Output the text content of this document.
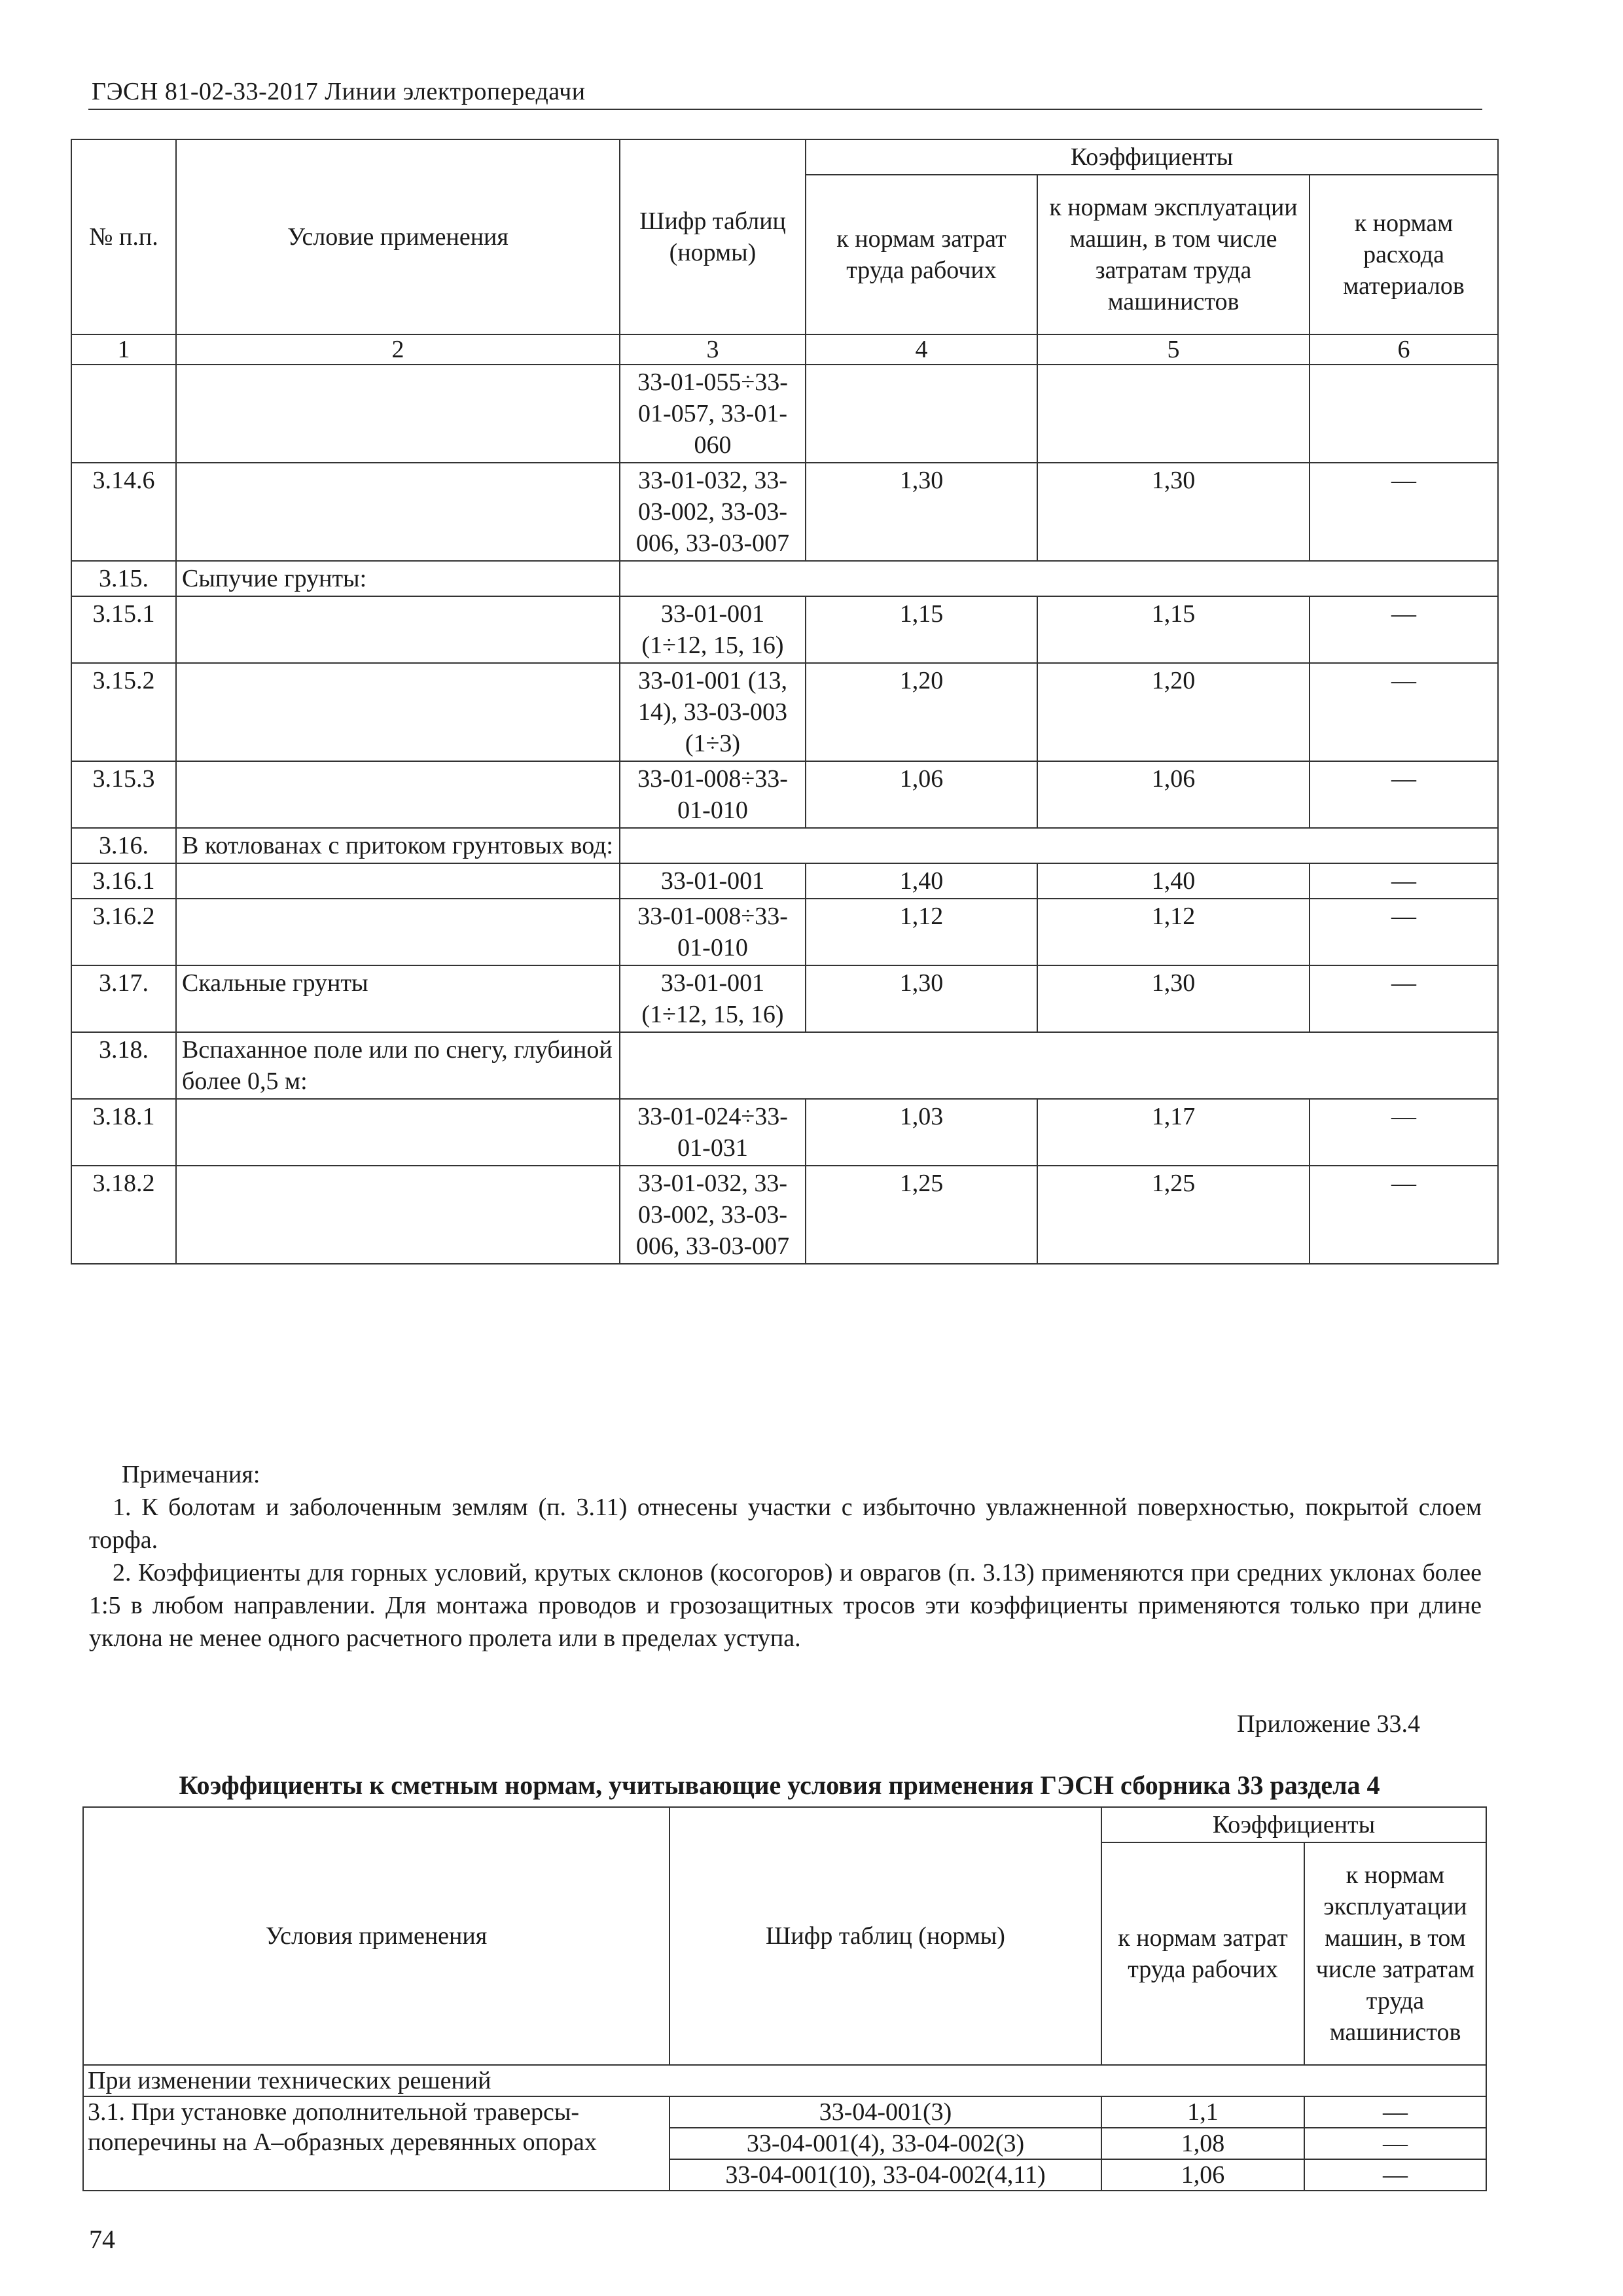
ГЭСН 81-02-33-2017 Линии электропередачи
№ п.п.	Условие применения	Шифр таблиц (нормы)	Коэффициенты		
			к нормам затрат труда рабочих	к нормам эксплуатации машин, в том числе затратам труда машинистов	к нормам расхода материалов
1	2	3	4	5	6
		33-01-055÷33-01-057, 33-01-060			
3.14.6		33-01-032, 33-03-002, 33-03-006, 33-03-007	1,30	1,30	—
3.15.	Сыпучие грунты:				
3.15.1		33-01-001 (1÷12, 15, 16)	1,15	1,15	—
3.15.2		33-01-001 (13, 14), 33-03-003 (1÷3)	1,20	1,20	—
3.15.3		33-01-008÷33-01-010	1,06	1,06	—
3.16.	В котлованах с притоком грунтовых вод:				
3.16.1		33-01-001	1,40	1,40	—
3.16.2		33-01-008÷33-01-010	1,12	1,12	—
3.17.	Скальные грунты	33-01-001 (1÷12, 15, 16)	1,30	1,30	—
3.18.	Вспаханное поле или по снегу, глубиной более 0,5 м:				
3.18.1		33-01-024÷33-01-031	1,03	1,17	—
3.18.2		33-01-032, 33-03-002, 33-03-006, 33-03-007	1,25	1,25	—

Примечания:

1. К болотам и заболоченным землям (п. 3.11) отнесены участки с избыточно увлажненной поверхностью, покрытой слоем торфа.

2. Коэффициенты для горных условий, крутых склонов (косогоров) и оврагов (п. 3.13) применяются при средних уклонах более 1:5 в любом направлении. Для монтажа проводов и грозозащитных тросов эти коэффициенты применяются только при длине уклона не менее одного расчетного пролета или в пределах уступа.

Приложение 33.4
Коэффициенты к сметным нормам, учитывающие условия применения ГЭСН сборника 33 раздела 4
Условия применения	Шифр таблиц (нормы)	Коэффициенты	
		к нормам затрат труда рабочих	к нормам эксплуатации машин, в том числе затратам труда машинистов
При изменении технических решений			
3.1. При установке дополнительной траверсы-поперечины на А–образных деревянных опорах	33-04-001(3)	1,1	—
	33-04-001(4), 33-04-002(3)	1,08	—
	33-04-001(10), 33-04-002(4,11)	1,06	—
74
